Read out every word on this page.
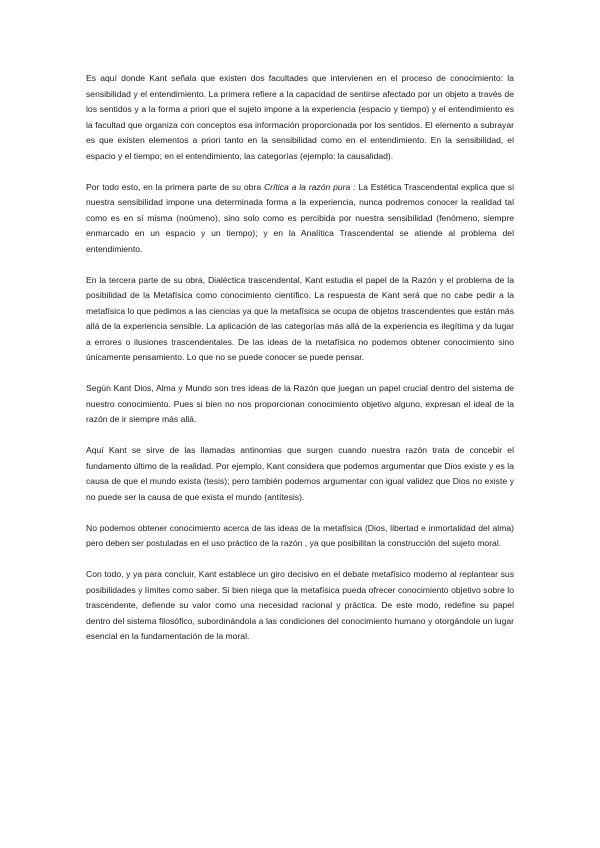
Es aquí donde Kant señala que existen dos facultades que intervienen en el proceso de conocimiento: la sensibilidad y el entendimiento. La primera refiere a la capacidad de sentirse afectado por un objeto a través de los sentidos y a la forma a priori que el sujeto impone a la experiencia (espacio y tiempo) y el entendimiento es la facultad que organiza con conceptos esa información proporcionada por los sentidos. El elemento a subrayar es que existen elementos a priori tanto en la sensibilidad como en el entendimiento. En la sensibilidad, el espacio y el tiempo; en el entendimiento, las categorías (ejemplo: la causalidad).

Por todo esto, en la primera parte de su obra Crítica a la razón pura : La Estética Trascendental explica que si nuestra sensibilidad impone una determinada forma a la experiencia, nunca podremos conocer la realidad tal como es en sí misma (noúmeno), sino solo como es percibida por nuestra sensibilidad (fenómeno, siempre enmarcado en un espacio y un tiempo); y en la Analítica Trascendental se atiende al problema del entendimiento.

En la tercera parte de su obra, Dialéctica trascendental, Kant estudia el papel de la Razón y el problema de la posibilidad de la Metafísica como conocimiento científico. La respuesta de Kant será que no cabe pedir a la metafísica lo que pedimos a las ciencias ya que la metafísica se ocupa de objetos trascendentes que están más allá de la experiencia sensible. La aplicación de las categorías más allá de la experiencia es ilegítima y da lugar a errores o ilusiones trascendentales. De las ideas de la metafísica no podemos obtener conocimiento sino únicamente pensamiento. Lo que no se puede conocer se puede pensar.

Según Kant Dios, Alma y Mundo son tres ideas de la Razón que juegan un papel crucial dentro del sistema de nuestro conocimiento. Pues si bien no nos proporcionan conocimiento objetivo alguno, expresan el ideal de la razón de ir siempre más allá.

Aquí Kant se sirve de las llamadas antinomias que surgen cuando nuestra razón trata de concebir el fundamento último de la realidad. Por ejemplo, Kant considera que podemos argumentar que Dios existe y es la causa de que el mundo exista (tesis); pero también podemos argumentar con igual validez que Dios no existe y no puede ser la causa de que exista el mundo (antítesis).

No podemos obtener conocimiento acerca de las ideas de la metafísica (Dios, libertad e inmortalidad del alma) pero deben ser postuladas en el uso práctico de la razón , ya que posibilitan la construcción del sujeto moral.

Con todo, y ya para concluir, Kant establece un giro decisivo en el debate metafísico moderno al replantear sus posibilidades y límites como saber. Si bien niega que la metafísica pueda ofrecer conocimiento objetivo sobre lo trascendente, defiende su valor como una necesidad racional y práctica. De este modo, redefine su papel dentro del sistema filosófico, subordinándola a las condiciones del conocimiento humano y otorgándole un lugar esencial en la fundamentación de la moral.
